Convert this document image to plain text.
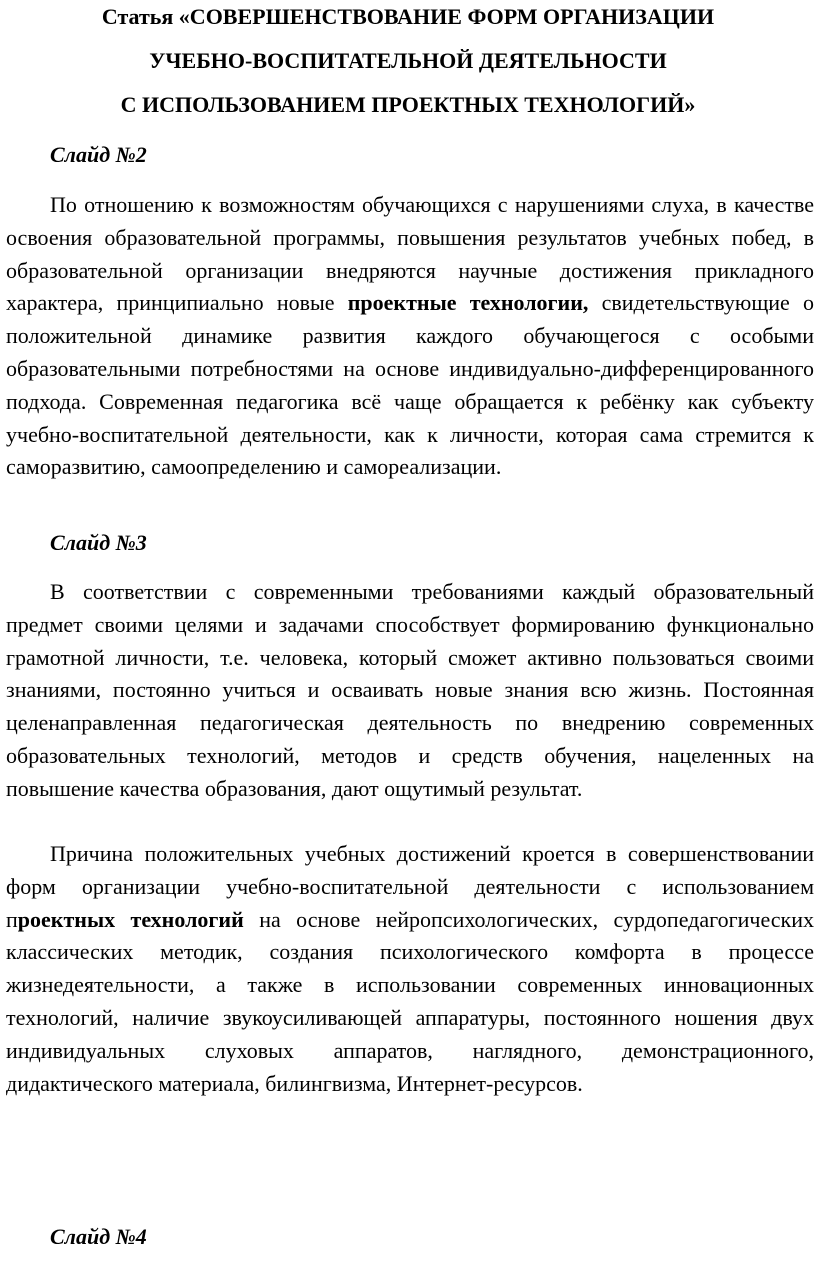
Статья «СОВЕРШЕНСТВОВАНИЕ ФОРМ ОРГАНИЗАЦИИ
УЧЕБНО-ВОСПИТАТЕЛЬНОЙ ДЕЯТЕЛЬНОСТИ
С ИСПОЛЬЗОВАНИЕМ ПРОЕКТНЫХ ТЕХНОЛОГИЙ»
Слайд №2

По отношению к возможностям обучающихся с нарушениями слуха, в качестве освоения образовательной программы, повышения результатов учебных побед, в образовательной организации внедряются научные достижения прикладного характера, принципиально новые проектные технологии, свидетельствующие о положительной динамике развития каждого обучающегося с особыми образовательными потребностями на основе индивидуально-дифференцированного подхода. Современная педагогика всё чаще обращается к ребёнку как субъекту учебно-воспитательной деятельности, как к личности, которая сама стремится к саморазвитию, самоопределению и самореализации.

Слайд №3

В соответствии с современными требованиями каждый образовательный предмет своими целями и задачами способствует формированию функционально грамотной личности, т.е. человека, который сможет активно пользоваться своими знаниями, постоянно учиться и осваивать новые знания всю жизнь. Постоянная целенаправленная педагогическая деятельность по внедрению современных образовательных технологий, методов и средств обучения, нацеленных на повышение качества образования, дают ощутимый результат.

Причина положительных учебных достижений кроется в совершенствовании форм организации учебно-воспитательной деятельности с использованием проектных технологий на основе нейропсихологических, сурдопедагогических классических методик, создания психологического комфорта в процессе жизнедеятельности, а также в использовании современных инновационных технологий, наличие звукоусиливающей аппаратуры, постоянного ношения двух индивидуальных слуховых аппаратов, наглядного, демонстрационного, дидактического материала, билингвизма, Интернет-ресурсов.

Слайд №4
